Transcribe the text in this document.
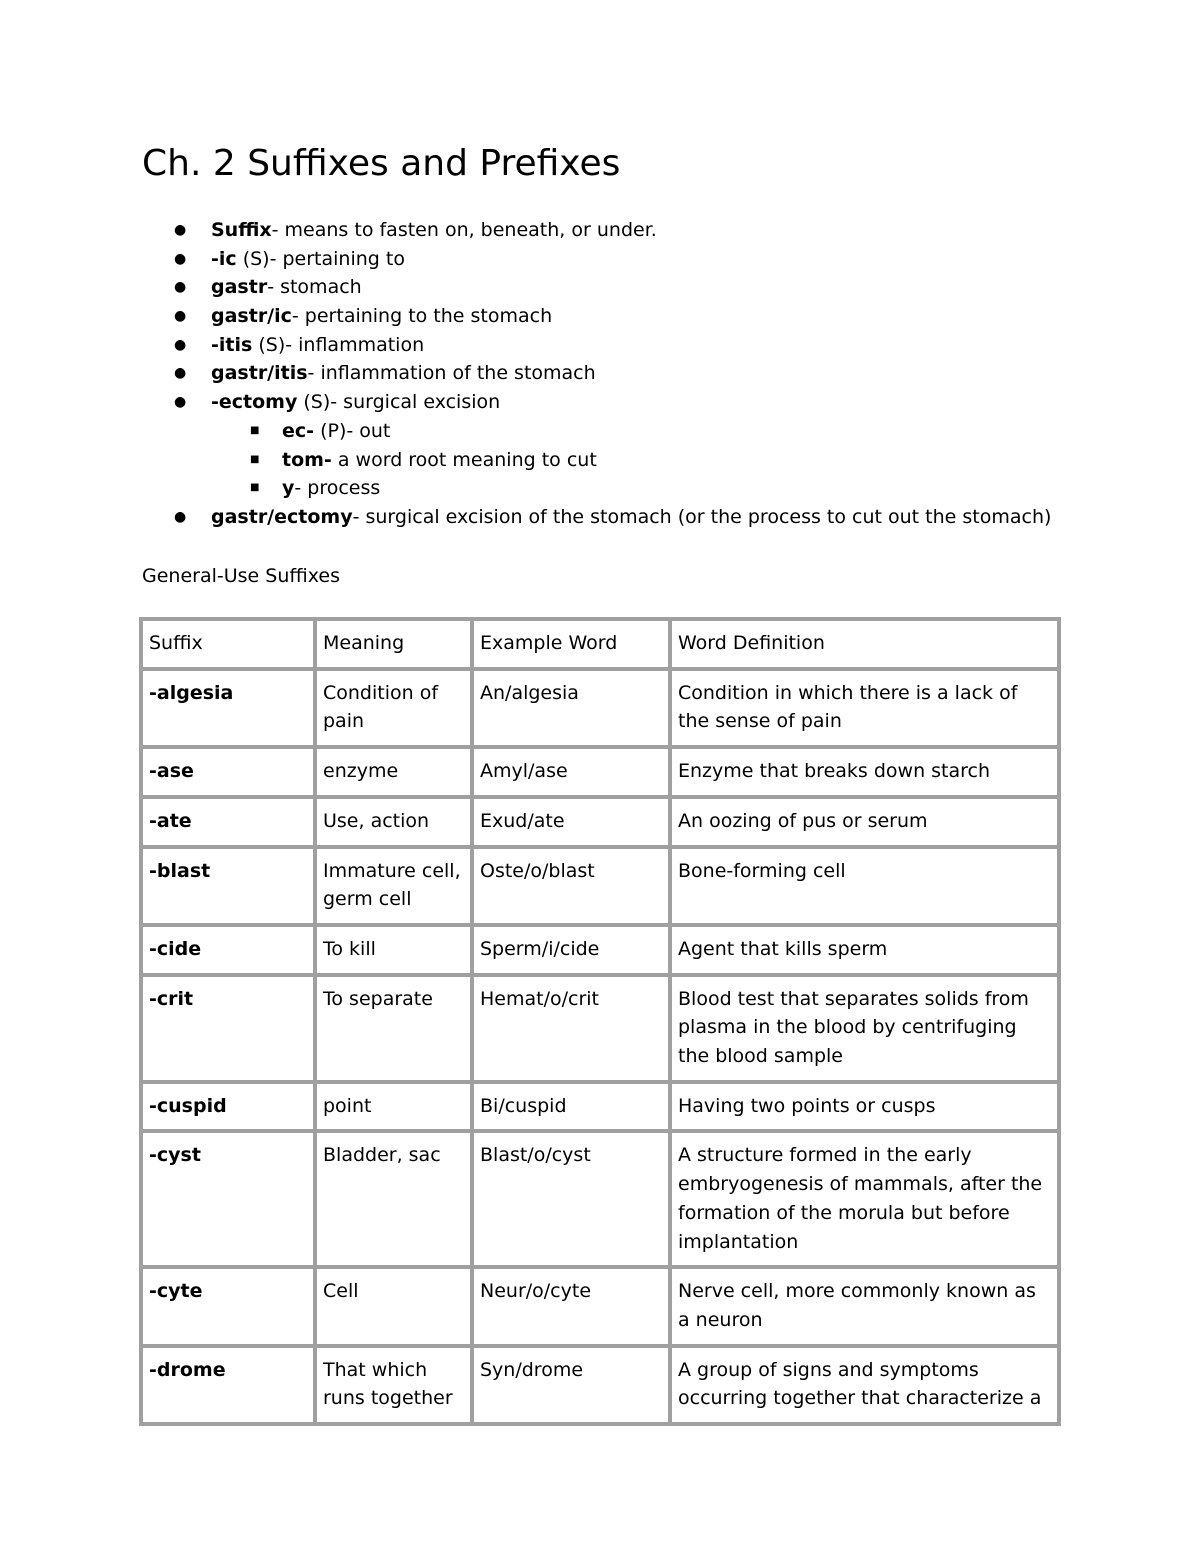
Ch. 2 Suffixes and Prefixes
● Suffix- means to fasten on, beneath, or under.
● -ic (S)- pertaining to
● gastr- stomach
● gastr/ic- pertaining to the stomach
● -itis (S)- inflammation
● gastr/itis- inflammation of the stomach
● -ectomy (S)- surgical excision
■ ec- (P)- out
■ tom- a word root meaning to cut
■ y- process
● gastr/ectomy- surgical excision of the stomach (or the process to cut out the stomach)
General-Use Suffixes
Suffix	Meaning	Example Word	Word Definition
-algesia	Condition of pain	An/algesia	Condition in which there is a lack of the sense of pain
-ase	enzyme	Amyl/ase	Enzyme that breaks down starch
-ate	Use, action	Exud/ate	An oozing of pus or serum
-blast	Immature cell, germ cell	Oste/o/blast	Bone-forming cell
-cide	To kill	Sperm/i/cide	Agent that kills sperm
-crit	To separate	Hemat/o/crit	Blood test that separates solids from plasma in the blood by centrifuging the blood sample
-cuspid	point	Bi/cuspid	Having two points or cusps
-cyst	Bladder, sac	Blast/o/cyst	A structure formed in the early embryogenesis of mammals, after the formation of the morula but before implantation
-cyte	Cell	Neur/o/cyte	Nerve cell, more commonly known as a neuron
-drome	That which runs together	Syn/drome	A group of signs and symptoms occurring together that characterize a
